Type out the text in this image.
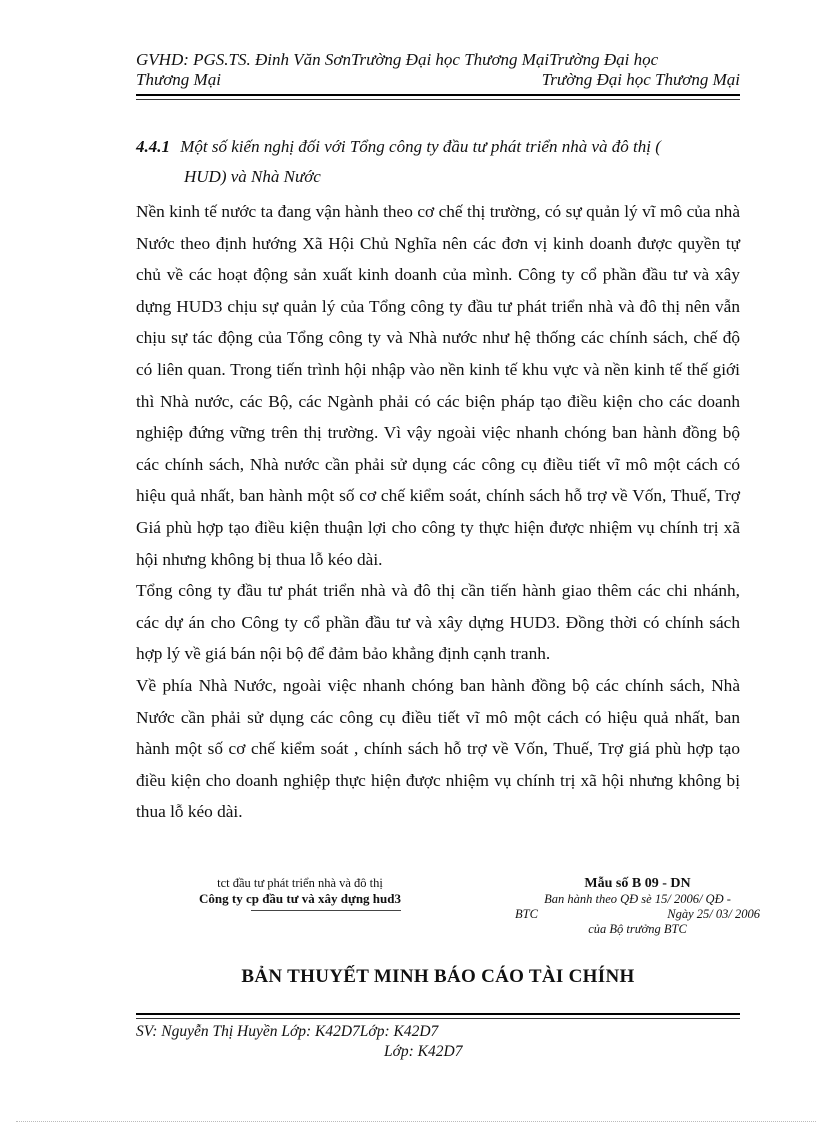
GVHD: PGS.TS. Đinh Văn SơnTrường Đại học Thương MạiTrường Đại học
Thương Mại	Trường Đại học Thương Mại
4.4.1 Một số kiến nghị đối với Tổng công ty đầu tư phát triển nhà và đô thị (
HUD) và Nhà Nước

Nền kinh tế nước ta đang vận hành theo cơ chế thị trường, có sự quản lý vĩ mô của nhà Nước theo định hướng Xã Hội Chủ Nghĩa nên các đơn vị kinh doanh được quyền tự chủ về các hoạt động sản xuất kinh doanh của mình. Công ty cổ phần đầu tư và xây dựng HUD3 chịu sự quản lý của Tổng công ty đầu tư phát triển nhà và đô thị nên vẫn chịu sự tác động của Tổng công ty và Nhà nước như hệ thống các chính sách, chế độ có liên quan. Trong tiến trình hội nhập vào nền kinh tế khu vực và nền kinh tế thế giới thì Nhà nước, các Bộ, các Ngành phải có các biện pháp tạo điều kiện cho các doanh nghiệp đứng vững trên thị trường. Vì vậy ngoài việc nhanh chóng ban hành đồng bộ các chính sách, Nhà nước cần phải sử dụng các công cụ điều tiết vĩ mô một cách có hiệu quả nhất, ban hành một số cơ chế kiểm soát, chính sách hỗ trợ về Vốn, Thuế, Trợ Giá phù hợp tạo điều kiện thuận lợi cho công ty thực hiện được nhiệm vụ chính trị xã hội nhưng không bị thua lỗ kéo dài.

Tổng công ty đầu tư phát triển nhà và đô thị cần tiến hành giao thêm các chi nhánh, các dự án cho Công ty cổ phần đầu tư và xây dựng HUD3. Đồng thời có chính sách hợp lý về giá bán nội bộ để đảm bảo khẳng định cạnh tranh.

Về phía Nhà Nước, ngoài việc nhanh chóng ban hành đồng bộ các chính sách, Nhà Nước cần phải sử dụng các công cụ điều tiết vĩ mô một cách có hiệu quả nhất, ban hành một số cơ chế kiểm soát , chính sách hỗ trợ về Vốn, Thuế, Trợ giá phù hợp tạo điều kiện cho doanh nghiệp thực hiện được nhiệm vụ chính trị xã hội nhưng không bị thua lỗ kéo dài.

tct đầu tư phát triển nhà và đô thị
Công ty cp đầu tư và xây dựng hud3
Mẫu số B 09 - DN
Ban hành theo QĐ sè 15/ 2006/ QĐ -
BTC	Ngày 25/ 03/ 2006
của Bộ trưởng BTC
BẢN THUYẾT MINH BÁO CÁO TÀI CHÍNH
SV: Nguyễn Thị Huyền Lớp: K42D7Lớp: K42D7
Lớp: K42D7
